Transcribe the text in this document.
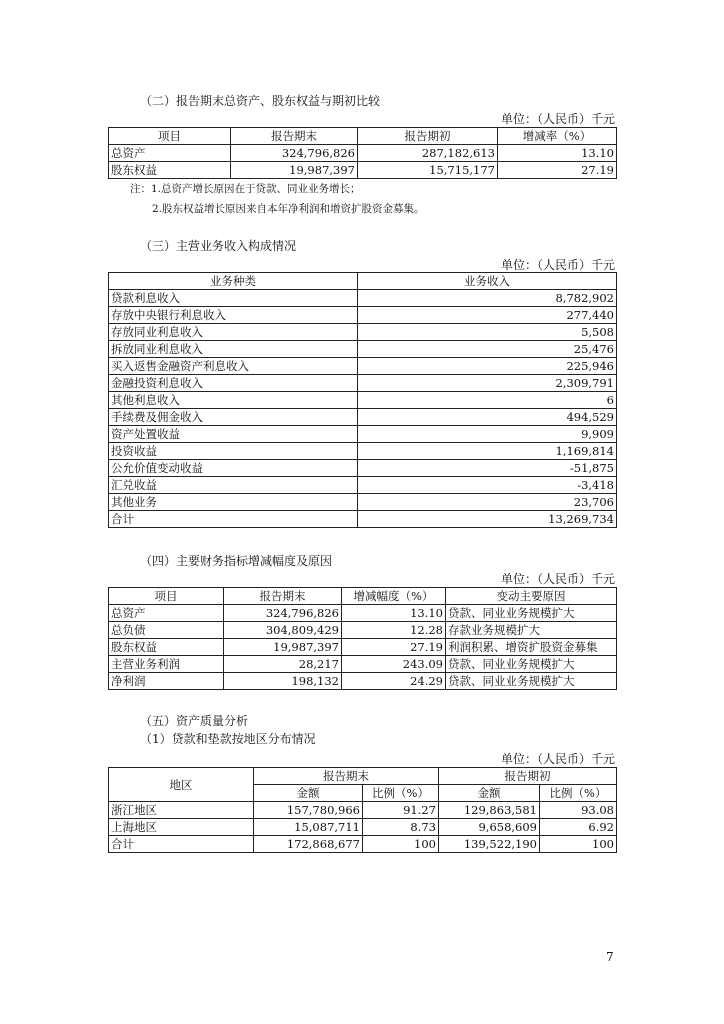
（二）报告期末总资产、股东权益与期初比较
单位：（人民币）千元
项目	报告期末	报告期初	增减率（%）
总资产	324,796,826	287,182,613	13.10
股东权益	19,987,397	15,715,177	27.19
注：1.总资产增长原因在于贷款、同业业务增长；
2.股东权益增长原因来自本年净利润和增资扩股资金募集。
（三）主营业务收入构成情况
单位：（人民币）千元
业务种类	业务收入
贷款利息收入	8,782,902
存放中央银行利息收入	277,440
存放同业利息收入	5,508
拆放同业利息收入	25,476
买入返售金融资产利息收入	225,946
金融投资利息收入	2,309,791
其他利息收入	6
手续费及佣金收入	494,529
资产处置收益	9,909
投资收益	1,169,814
公允价值变动收益	-51,875
汇兑收益	-3,418
其他业务	23,706
合计	13,269,734
（四）主要财务指标增减幅度及原因
单位：（人民币）千元
项目	报告期末	增减幅度（%）	变动主要原因
总资产	324,796,826	13.10	贷款、同业业务规模扩大
总负债	304,809,429	12.28	存款业务规模扩大
股东权益	19,987,397	27.19	利润积累、增资扩股资金募集
主营业务利润	28,217	243.09	贷款、同业业务规模扩大
净利润	198,132	24.29	贷款、同业业务规模扩大
（五）资产质量分析
（1）贷款和垫款按地区分布情况
单位：（人民币）千元
地区	报告期末		报告期初	
	金额	比例（%）	金额	比例（%）
浙江地区	157,780,966	91.27	129,863,581	93.08
上海地区	15,087,711	8.73	9,658,609	6.92
合计	172,868,677	100	139,522,190	100
7
